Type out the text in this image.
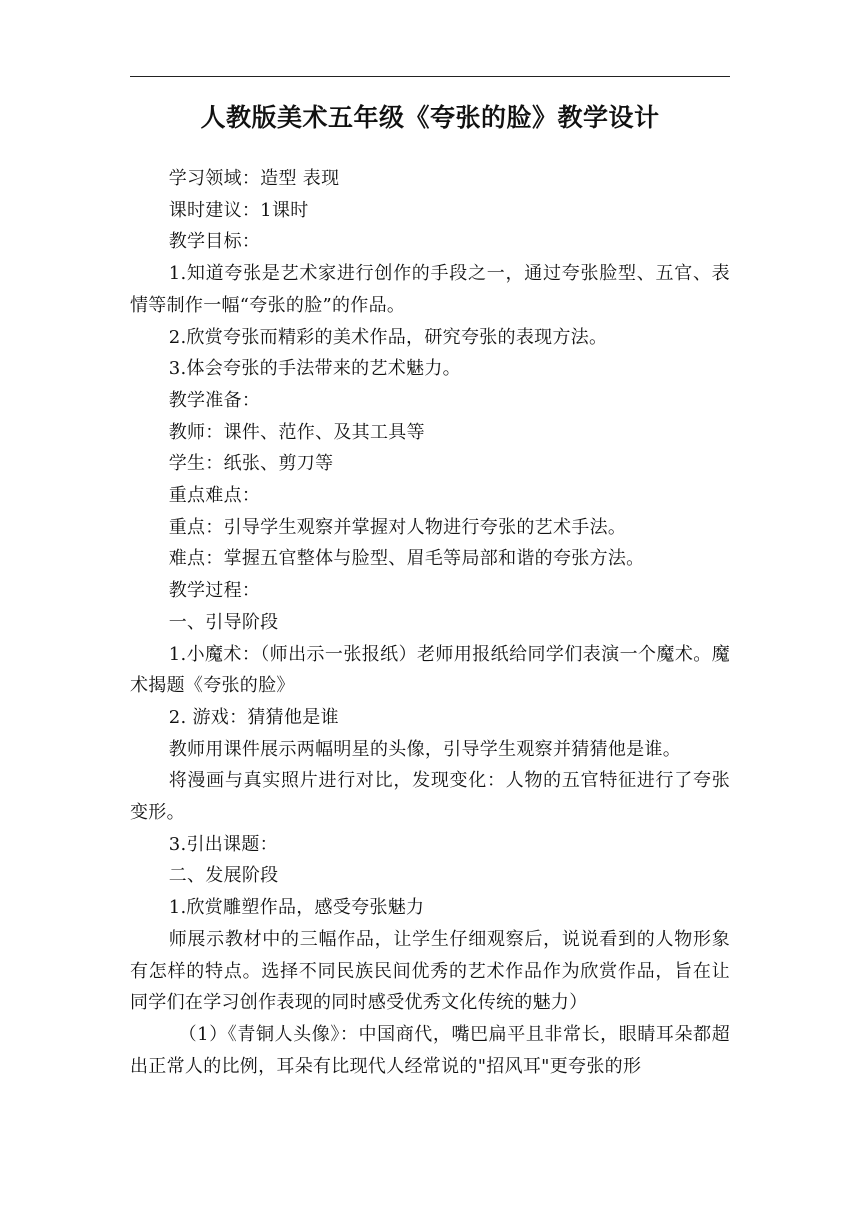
人教版美术五年级《夸张的脸》教学设计

学习领域：造型 表现

课时建议：1课时

教学目标：

1.知道夸张是艺术家进行创作的手段之一，通过夸张脸型、五官、表情等制作一幅“夸张的脸”的作品。

2.欣赏夸张而精彩的美术作品，研究夸张的表现方法。

3.体会夸张的手法带来的艺术魅力。

教学准备：

教师：课件、范作、及其工具等

学生：纸张、剪刀等

重点难点：

重点：引导学生观察并掌握对人物进行夸张的艺术手法。

难点：掌握五官整体与脸型、眉毛等局部和谐的夸张方法。

教学过程：

一、引导阶段

1.小魔术：（师出示一张报纸）老师用报纸给同学们表演一个魔术。魔术揭题《夸张的脸》

2. 游戏：猜猜他是谁

教师用课件展示两幅明星的头像，引导学生观察并猜猜他是谁。

将漫画与真实照片进行对比，发现变化：人物的五官特征进行了夸张变形。

3.引出课题：

二、发展阶段

1.欣赏雕塑作品，感受夸张魅力

师展示教材中的三幅作品，让学生仔细观察后，说说看到的人物形象有怎样的特点。选择不同民族民间优秀的艺术作品作为欣赏作品，旨在让同学们在学习创作表现的同时感受优秀文化传统的魅力）

（1）《青铜人头像》：中国商代，嘴巴扁平且非常长，眼睛耳朵都超出正常人的比例，耳朵有比现代人经常说的"招风耳"更夸张的形
